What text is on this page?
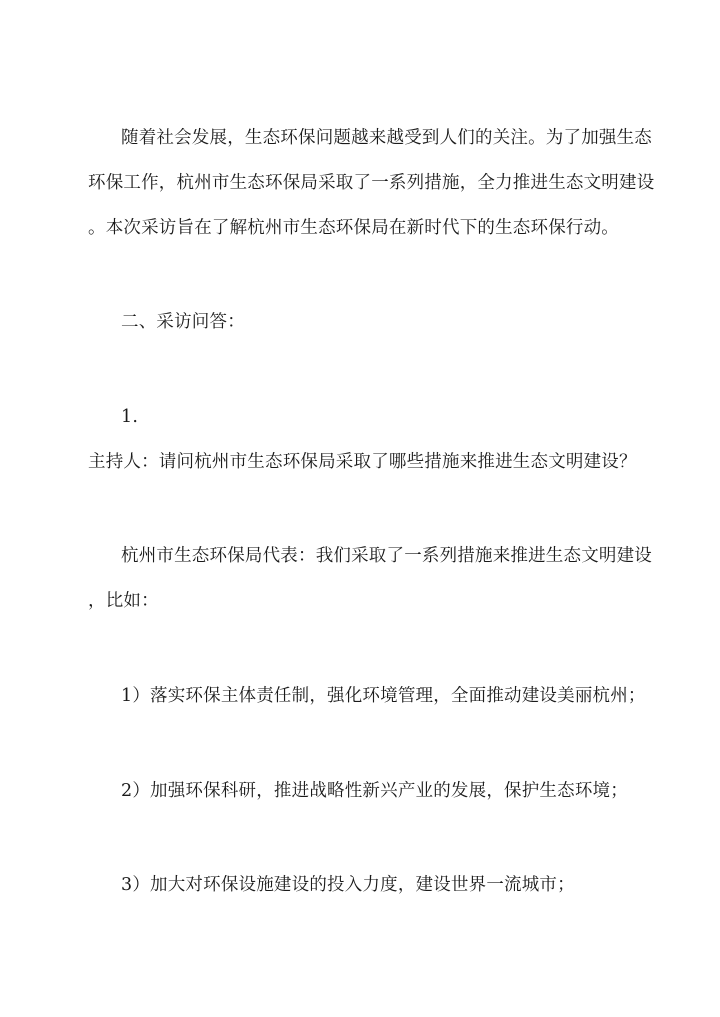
随着社会发展，生态环保问题越来越受到人们的关注。为了加强生态
环保工作，杭州市生态环保局采取了一系列措施，全力推进生态文明建设
。本次采访旨在了解杭州市生态环保局在新时代下的生态环保行动。
二、采访问答：
1.
主持人：请问杭州市生态环保局采取了哪些措施来推进生态文明建设？
杭州市生态环保局代表：我们采取了一系列措施来推进生态文明建设
，比如：
1）落实环保主体责任制，强化环境管理，全面推动建设美丽杭州；
2）加强环保科研，推进战略性新兴产业的发展，保护生态环境；
3）加大对环保设施建设的投入力度，建设世界一流城市；
